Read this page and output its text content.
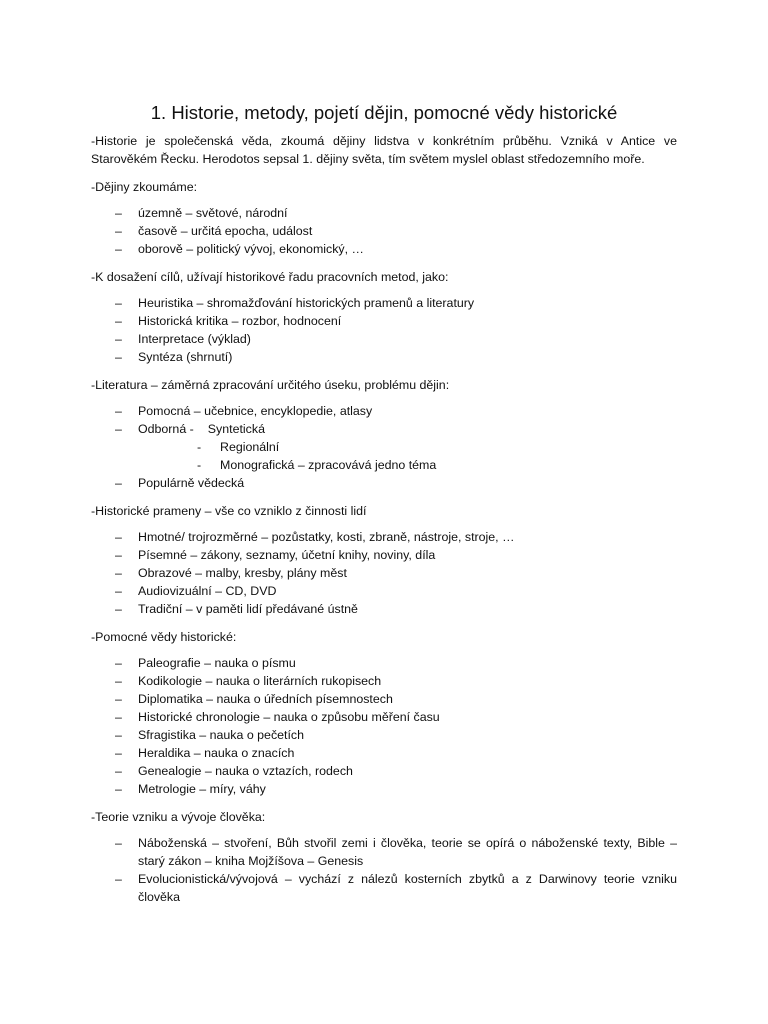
1. Historie, metody, pojetí dějin, pomocné vědy historické

-Historie je společenská věda, zkoumá dějiny lidstva v konkrétním průběhu. Vzniká v Antice ve Starověkém Řecku. Herodotos sepsal 1. dějiny světa, tím světem myslel oblast středozemního moře.

-Dějiny zkoumáme:

– územně – světové, národní
– časově – určitá epocha, událost
– oborově – politický vývoj, ekonomický, …

-K dosažení cílů, užívají historikové řadu pracovních metod, jako:

– Heuristika – shromažďování historických pramenů a literatury
– Historická kritika – rozbor, hodnocení
– Interpretace (výklad)
– Syntéza (shrnutí)

-Literatura – záměrná zpracování určitého úseku, problému dějin:

– Pomocná – učebnice, encyklopedie, atlasy
– Odborná - Syntetická
- Regionální
- Monografická – zpracovává jedno téma
– Populárně vědecká

-Historické prameny – vše co vzniklo z činnosti lidí

– Hmotné/ trojrozměrné – pozůstatky, kosti, zbraně, nástroje, stroje, …
– Písemné – zákony, seznamy, účetní knihy, noviny, díla
– Obrazové – malby, kresby, plány měst
– Audiovizuální – CD, DVD
– Tradiční – v paměti lidí předávané ústně

-Pomocné vědy historické:

– Paleografie – nauka o písmu
– Kodikologie – nauka o literárních rukopisech
– Diplomatika – nauka o úředních písemnostech
– Historické chronologie – nauka o způsobu měření času
– Sfragistika – nauka o pečetích
– Heraldika – nauka o znacích
– Genealogie – nauka o vztazích, rodech
– Metrologie – míry, váhy

-Teorie vzniku a vývoje člověka:

– Náboženská – stvoření, Bůh stvořil zemi i člověka, teorie se opírá o náboženské texty, Bible – starý zákon – kniha Mojžíšova – Genesis
– Evolucionistická/vývojová – vychází z nálezů kosterních zbytků a z Darwinovy teorie vzniku člověka
